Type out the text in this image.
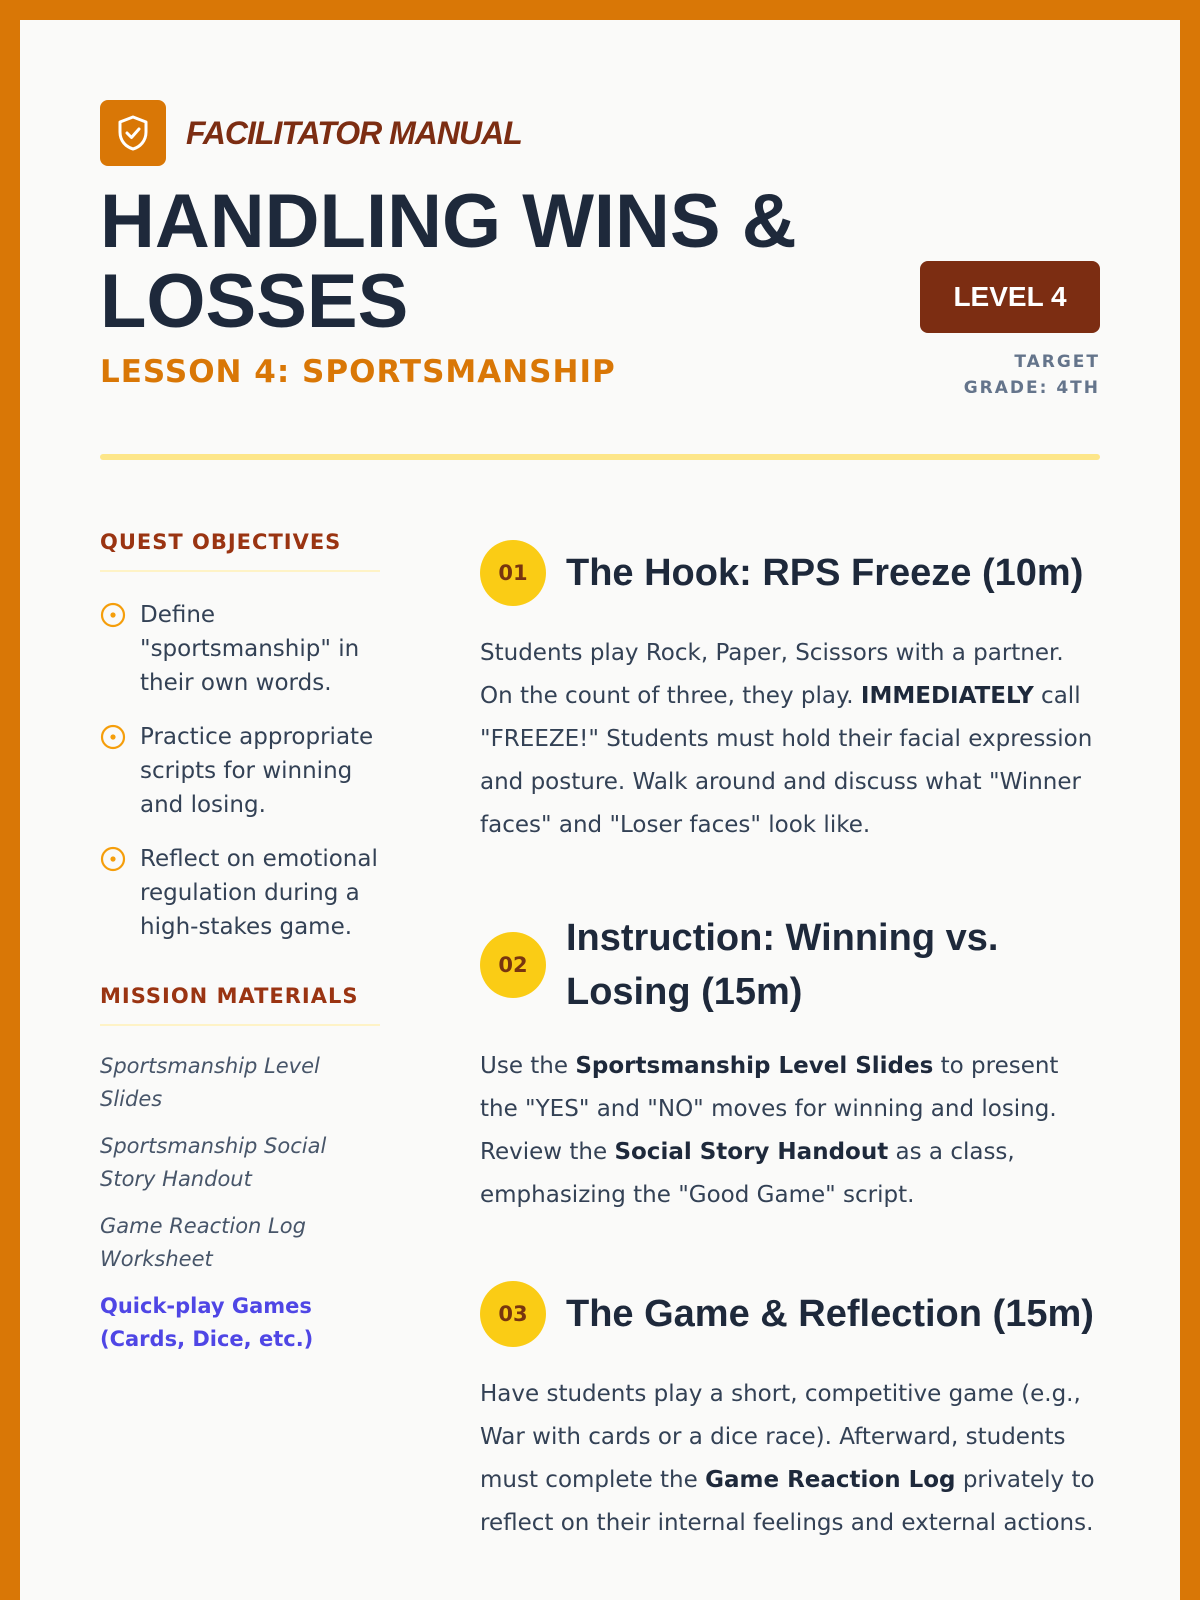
FACILITATOR MANUAL
HANDLING WINS & LOSSES
LESSON 4: SPORTSMANSHIP
LEVEL 4
TARGET
GRADE: 4TH
QUEST OBJECTIVES
Define "sportsmanship" in their own words.
Practice appropriate scripts for winning and losing.
Reflect on emotional regulation during a high-stakes game.
MISSION MATERIALS
Sportsmanship Level Slides
Sportsmanship Social Story Handout
Game Reaction Log Worksheet
Quick-play Games (Cards, Dice, etc.)
01	The Hook: RPS Freeze (10m)

Students play Rock, Paper, Scissors with a partner. On the count of three, they play. IMMEDIATELY call "FREEZE!" Students must hold their facial expression and posture. Walk around and discuss what "Winner faces" and "Loser faces" look like.

02
Instruction: Winning vs. Losing (15m)

Use the Sportsmanship Level Slides to present the "YES" and "NO" moves for winning and losing. Review the Social Story Handout as a class, emphasizing the "Good Game" script.

03	The Game & Reflection (15m)

Have students play a short, competitive game (e.g., War with cards or a dice race). Afterward, students must complete the Game Reaction Log privately to reflect on their internal feelings and external actions.
